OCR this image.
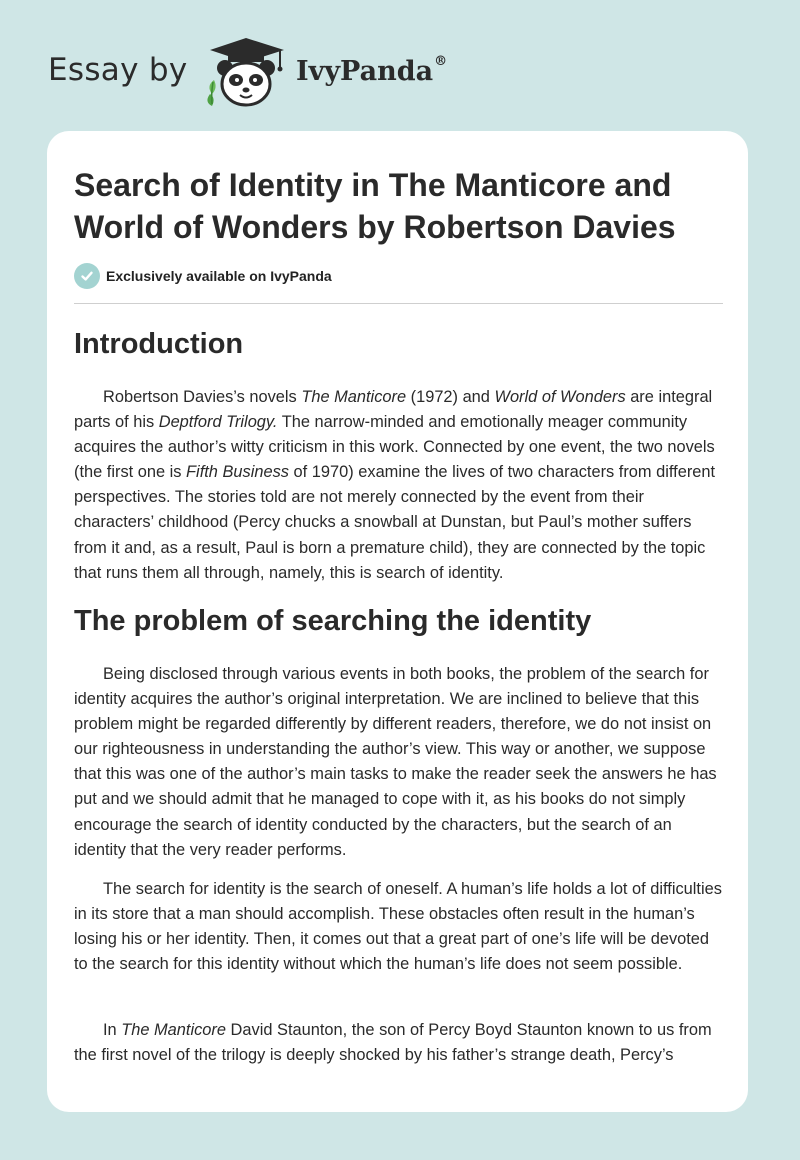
Essay by	IvyPanda®
Search of Identity in The Manticore and World of Wonders by Robertson Davies
Exclusively available on IvyPanda
Introduction

Robertson Davies’s novels The Manticore (1972) and World of Wonders are integral parts of his Deptford Trilogy. The narrow-minded and emotionally meager community acquires the author’s witty criticism in this work. Connected by one event, the two novels (the first one is Fifth Business of 1970) examine the lives of two characters from different perspectives. The stories told are not merely connected by the event from their characters’ childhood (Percy chucks a snowball at Dunstan, but Paul’s mother suffers from it and, as a result, Paul is born a premature child), they are connected by the topic that runs them all through, namely, this is search of identity.

The problem of searching the identity

Being disclosed through various events in both books, the problem of the search for identity acquires the author’s original interpretation. We are inclined to believe that this problem might be regarded differently by different readers, therefore, we do not insist on our righteousness in understanding the author’s view. This way or another, we suppose that this was one of the author’s main tasks to make the reader seek the answers he has put and we should admit that he managed to cope with it, as his books do not simply encourage the search of identity conducted by the characters, but the search of an identity that the very reader performs.

The search for identity is the search of oneself. A human’s life holds a lot of difficulties in its store that a man should accomplish. These obstacles often result in the human’s losing his or her identity. Then, it comes out that a great part of one’s life will be devoted to the search for this identity without which the human’s life does not seem possible.

In The Manticore David Staunton, the son of Percy Boyd Staunton known to us from the first novel of the trilogy is deeply shocked by his father’s strange death, Percy’s
